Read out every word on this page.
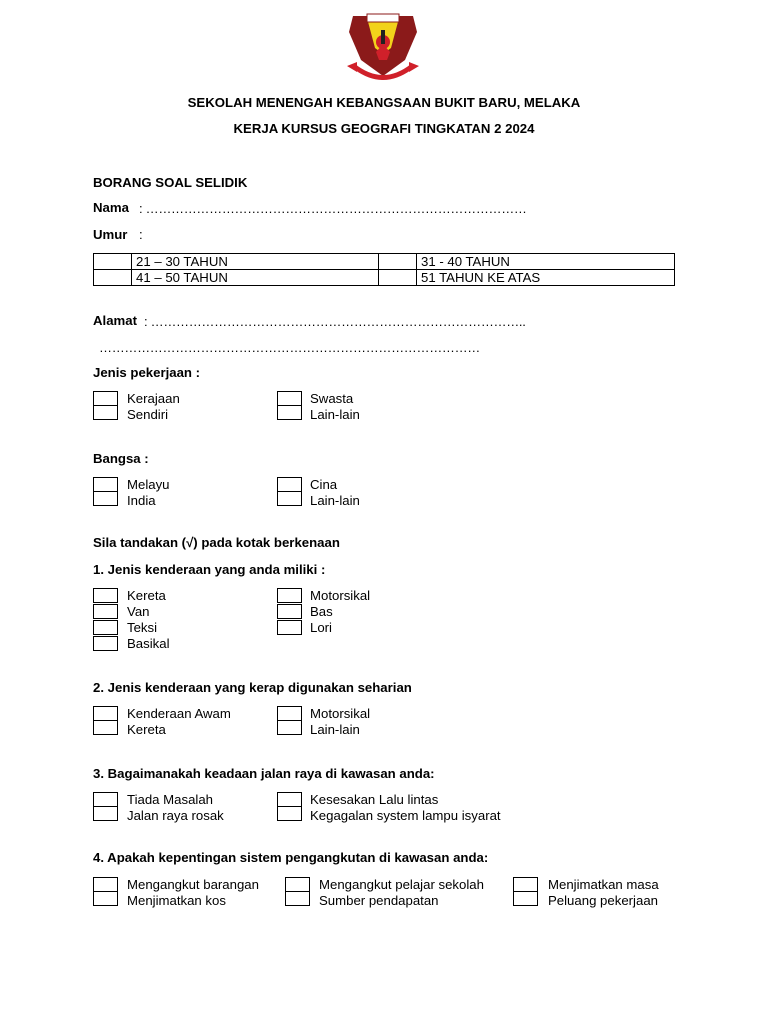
SEKOLAH MENENGAH KEBANGSAAN BUKIT BARU, MELAKA
KERJA KURSUS GEOGRAFI TINGKATAN 2 2024
BORANG SOAL SELIDIK
Nama : ………………………………………………………………………………
Umur :
	21 – 30 TAHUN		31 - 40 TAHUN
	41 – 50 TAHUN		51 TAHUN KE ATAS
Alamat : ……………………………………………………………………………..
………………………………………………………………………………
Jenis pekerjaan :
Kerajaan
Sendiri
Swasta
Lain-lain
Bangsa :
Melayu
India
Cina
Lain-lain
Sila tandakan (√) pada kotak berkenaan
1. Jenis kenderaan yang anda miliki :
Kereta
Van
Teksi
Basikal
Motorsikal
Bas
Lori
2. Jenis kenderaan yang kerap digunakan seharian
Kenderaan Awam
Kereta
Motorsikal
Lain-lain
3. Bagaimanakah keadaan jalan raya di kawasan anda:
Tiada Masalah
Jalan raya rosak
Kesesakan Lalu lintas
Kegagalan system lampu isyarat
4. Apakah kepentingan sistem pengangkutan di kawasan anda:
Mengangkut barangan
Menjimatkan kos
Mengangkut pelajar sekolah
Sumber pendapatan
Menjimatkan masa
Peluang pekerjaan
